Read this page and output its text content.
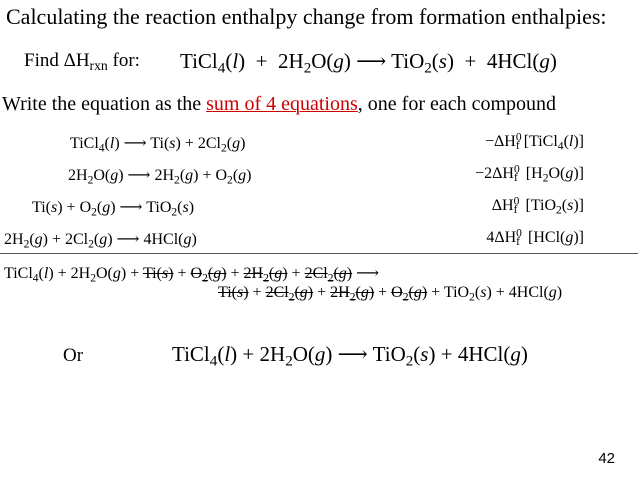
Calculating the reaction enthalpy change from formation enthalpies:
Find $\Delta H_{rxn}$ for: TiCl$_4$(l)  +  $2H_2O(g)$ ⟶ TiO$_2$(s)  +  4HCl(g)
Write the equation as the sum of 4 equations, one for each compound
TiCl$_4$(l) ⟶ $Ti(s) + 2Cl_2(g)$	$-\Delta H^0_f$ [TiCl$_4$(l)]
$2H_2O(g)$ ⟶ $2H_2(g) + O_2(g)$	$-2\Delta H^0_f$  $[H_2O(g)]$
$Ti(s) + O_2(g)$ ⟶ TiO$_2$(s)	$\Delta H^0_f$  [TiO$_2$(s)]
$2H_2(g) + 2Cl_2(g)$ ⟶ 4HCl(g)	$4\Delta H^0_f$  [HCl(g)]
TiCl$_4$(l) + $2H_2O(g) + Ti(s) + O_2(g) + 2H_2(g) + 2Cl_2(g)$ ⟶
$Ti(s) + 2Cl_2(g) + 2H_2(g) + O_2(g) + TiO_2(s) + 4HCl(g)$
Or	TiCl$_4$(l) + $2H_2O(g)$ ⟶ TiO$_2$(s) + 4HCl(g)
42
